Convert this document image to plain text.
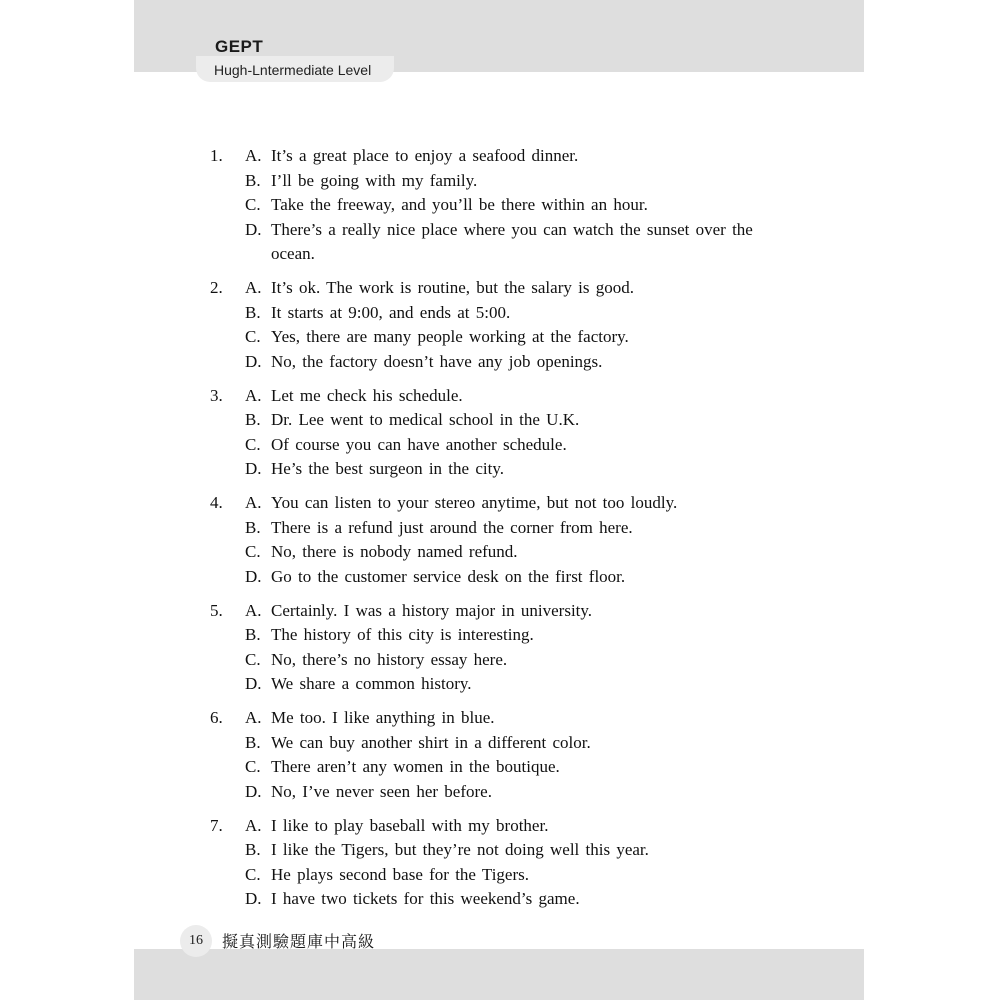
GEPT
Hugh-Lntermediate Level
1.	A. It’s a great place to enjoy a seafood dinner.
B. I’ll be going with my family.
C. Take the freeway, and you’ll be there within an hour.
D. There’s a really nice place where you can watch the sunset over the ocean.
2.	A. It’s ok. The work is routine, but the salary is good.
B. It starts at 9:00, and ends at 5:00.
C. Yes, there are many people working at the factory.
D. No, the factory doesn’t have any job openings.
3.	A. Let me check his schedule.
B. Dr. Lee went to medical school in the U.K.
C. Of course you can have another schedule.
D. He’s the best surgeon in the city.
4.	A. You can listen to your stereo anytime, but not too loudly.
B. There is a refund just around the corner from here.
C. No, there is nobody named refund.
D. Go to the customer service desk on the first floor.
5.	A. Certainly. I was a history major in university.
B. The history of this city is interesting.
C. No, there’s no history essay here.
D. We share a common history.
6.	A. Me too. I like anything in blue.
B. We can buy another shirt in a different color.
C. There aren’t any women in the boutique.
D. No, I’ve never seen her before.
7.	A. I like to play baseball with my brother.
B. I like the Tigers, but they’re not doing well this year.
C. He plays second base for the Tigers.
D. I have two tickets for this weekend’s game.
16	擬真測驗題庫中高級
